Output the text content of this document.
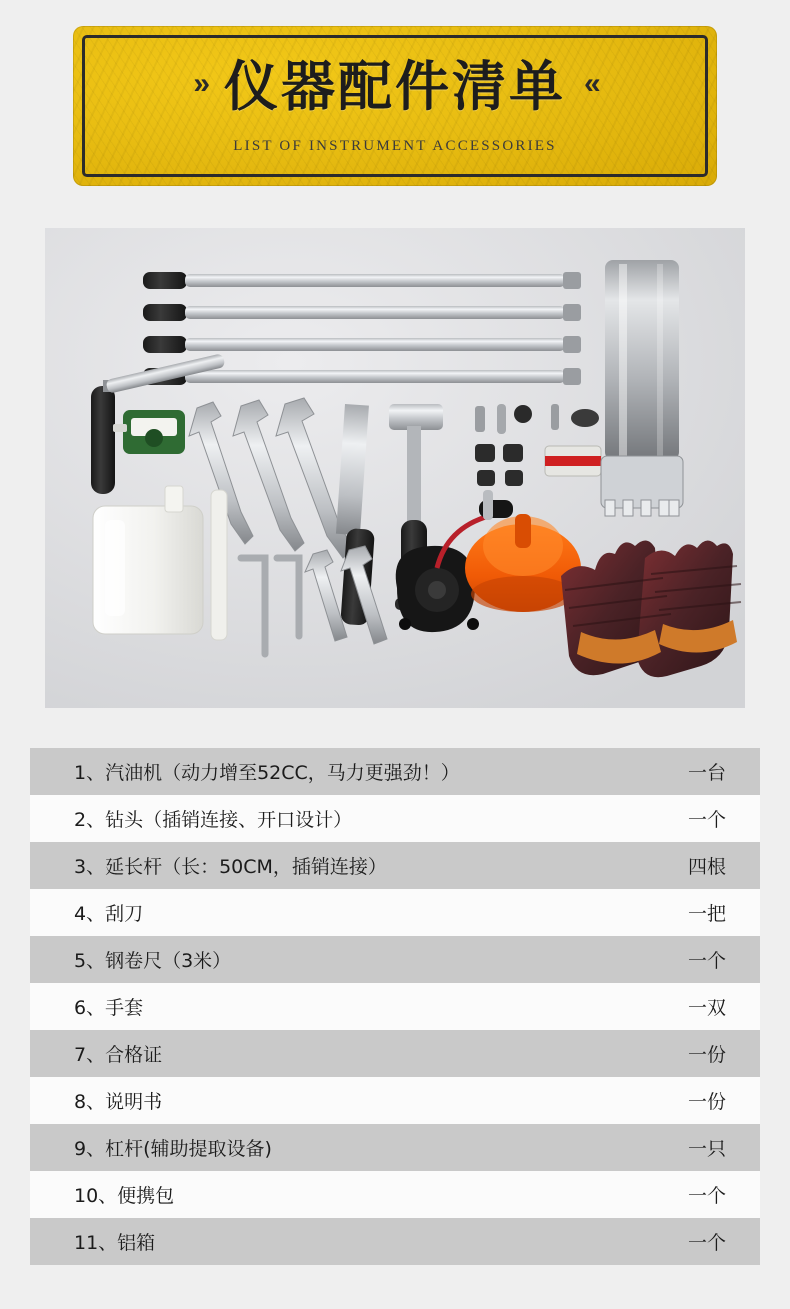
» 仪器配件清单 «
LIST OF INSTRUMENT ACCESSORIES
1、汽油机（动力增至52CC，马力更强劲！）	一台
2、钻头（插销连接、开口设计）	一个
3、延长杆（长：50CM，插销连接）	四根
4、刮刀	一把
5、钢卷尺（3米）	一个
6、手套	一双
7、合格证	一份
8、说明书	一份
9、杠杆(辅助提取设备)	一只
10、便携包	一个
11、铝箱	一个
